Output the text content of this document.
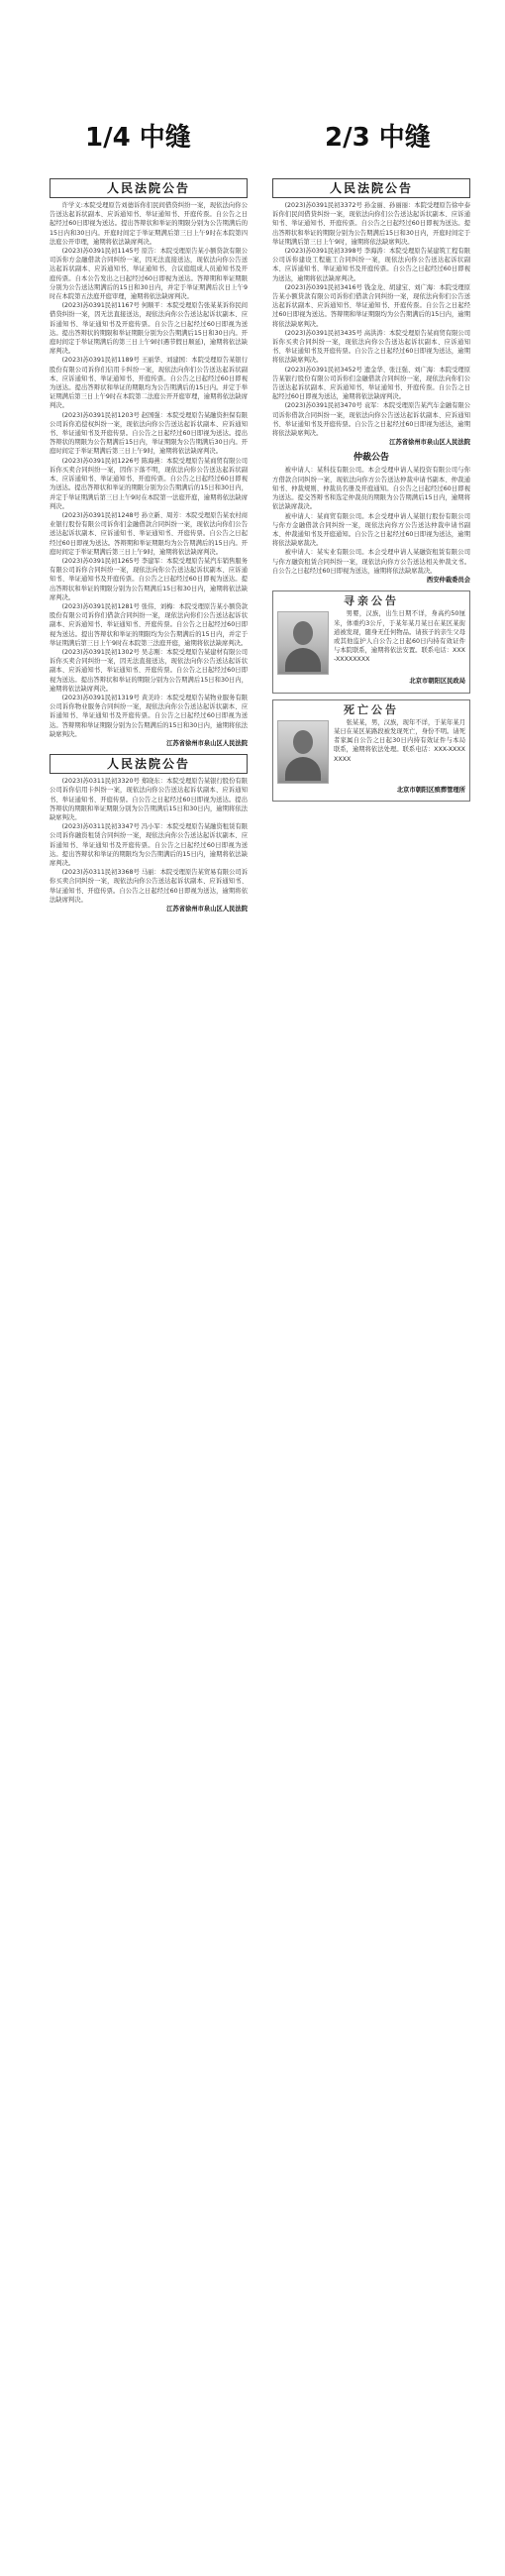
1/4 中缝	2/3 中缝
人民法院公告

许学义:本院受理原告刘德诉你们民间借贷纠纷一案，现依法向你公告送达起诉状副本、应诉通知书、举证通知书、开庭传票。自公告之日起经过60日即视为送达。提出答辩状和举证的期限分别为公告期满后的15日内和30日内。开庭时间定于举证期满后第三日上午9时在本院第四法庭公开审理，逾期将依法缺席判决。

(2023)苏0391民初1145号 原告：本院受理原告某小额贷款有限公司诉你方金融借款合同纠纷一案，因无法直接送达，现依法向你公告送达起诉状副本、应诉通知书、举证通知书、合议庭组成人员通知书及开庭传票。自本公告发出之日起经过60日即视为送达。答辩期和举证期限分别为公告送达期满后的15日和30日内，并定于举证期满后次日上午9时在本院第五法庭开庭审理，逾期将依法缺席判决。

(2023)苏0391民初1167号 何顺平：本院受理原告张某某诉你民间借贷纠纷一案，因无法直接送达，现依法向你公告送达起诉状副本、应诉通知书、举证通知书及开庭传票。自公告之日起经过60日即视为送达。提出答辩状的期限和举证期限分别为公告期满后15日和30日内。开庭时间定于举证期满后的第三日上午9时(遇节假日顺延)，逾期将依法缺席判决。

(2023)苏0391民初1189号 王丽华、刘建国：本院受理原告某银行股份有限公司诉你们信用卡纠纷一案，现依法向你们公告送达起诉状副本、应诉通知书、举证通知书、开庭传票。自公告之日起经过60日即视为送达。提出答辩状和举证的期限均为公告期满后的15日内。并定于举证期满后第三日上午9时在本院第二法庭公开开庭审理，逾期将依法缺席判决。

(2023)苏0391民初1203号 赵国强：本院受理原告某融资担保有限公司诉你追偿权纠纷一案，现依法向你公告送达起诉状副本、应诉通知书、举证通知书及开庭传票。自公告之日起经过60日即视为送达。提出答辩状的期限为公告期满后15日内，举证期限为公告期满后30日内。开庭时间定于举证期满后第三日上午9时，逾期将依法缺席判决。

(2023)苏0391民初1226号 陈海燕：本院受理原告某商贸有限公司诉你买卖合同纠纷一案，因你下落不明，现依法向你公告送达起诉状副本、应诉通知书、举证通知书、开庭传票。自公告之日起经过60日即视为送达。提出答辩状和举证的期限分别为公告期满后的15日和30日内，并定于举证期满后第三日上午9时在本院第一法庭开庭，逾期将依法缺席判决。

(2023)苏0391民初1248号 孙立新、周芳：本院受理原告某农村商业银行股份有限公司诉你们金融借款合同纠纷一案，现依法向你们公告送达起诉状副本、应诉通知书、举证通知书、开庭传票。自公告之日起经过60日即视为送达。答辩期和举证期限均为公告期满后的15日内。开庭时间定于举证期满后第三日上午9时，逾期将依法缺席判决。

(2023)苏0391民初1265号 李建军：本院受理原告某汽车销售服务有限公司诉你合同纠纷一案，现依法向你公告送达起诉状副本、应诉通知书、举证通知书及开庭传票。自公告之日起经过60日即视为送达。提出答辩状和举证的期限分别为公告期满后15日和30日内，逾期将依法缺席判决。

(2023)苏0391民初1281号 张伟、刘梅：本院受理原告某小额贷款股份有限公司诉你们借款合同纠纷一案，现依法向你们公告送达起诉状副本、应诉通知书、举证通知书、开庭传票。自公告之日起经过60日即视为送达。提出答辩状和举证的期限均为公告期满后的15日内，并定于举证期满后第三日上午9时在本院第三法庭开庭，逾期将依法缺席判决。

(2023)苏0391民初1302号 吴志刚：本院受理原告某建材有限公司诉你买卖合同纠纷一案，因无法直接送达，现依法向你公告送达起诉状副本、应诉通知书、举证通知书、开庭传票。自公告之日起经过60日即视为送达。提出答辩状和举证的期限分别为公告期满后15日和30日内，逾期将依法缺席判决。

(2023)苏0391民初1319号 黄美玲：本院受理原告某物业服务有限公司诉你物业服务合同纠纷一案，现依法向你公告送达起诉状副本、应诉通知书、举证通知书及开庭传票。自公告之日起经过60日即视为送达。答辩期和举证期限分别为公告期满后的15日和30日内，逾期将依法缺席判决。

江苏省徐州市泉山区人民法院

人民法院公告

(2023)苏0311民初3320号 郑晓东：本院受理原告某银行股份有限公司诉你信用卡纠纷一案，现依法向你公告送达起诉状副本、应诉通知书、举证通知书、开庭传票。自公告之日起经过60日即视为送达。提出答辩状的期限和举证期限分别为公告期满后15日和30日内，逾期将依法缺席判决。

(2023)苏0311民初3347号 冯小军：本院受理原告某融资租赁有限公司诉你融资租赁合同纠纷一案，现依法向你公告送达起诉状副本、应诉通知书、举证通知书及开庭传票。自公告之日起经过60日即视为送达。提出答辩状和举证的期限均为公告期满后的15日内，逾期将依法缺席判决。

(2023)苏0311民初3368号 马丽：本院受理原告某贸易有限公司诉你买卖合同纠纷一案，现依法向你公告送达起诉状副本、应诉通知书、举证通知书、开庭传票。自公告之日起经过60日即视为送达，逾期将依法缺席判决。

江苏省徐州市泉山区人民法院

人民法院公告

(2023)苏0391民初3372号 孙金丽、孙丽丽：本院受理原告徐中泰诉你们民间借贷纠纷一案，现依法向你们公告送达起诉状副本、应诉通知书、举证通知书、开庭传票。自公告之日起经过60日即视为送达。提出答辩状和举证的期限分别为公告期满后15日和30日内，开庭时间定于举证期满后第三日上午9时，逾期将依法缺席判决。

(2023)苏0391民初3398号 李海涛：本院受理原告某建筑工程有限公司诉你建设工程施工合同纠纷一案，现依法向你公告送达起诉状副本、应诉通知书、举证通知书及开庭传票。自公告之日起经过60日即视为送达，逾期将依法缺席判决。

(2023)苏0391民初3416号 钱金龙、胡建宝、刘广海：本院受理原告某小额贷款有限公司诉你们借款合同纠纷一案，现依法向你们公告送达起诉状副本、应诉通知书、举证通知书、开庭传票。自公告之日起经过60日即视为送达。答辩期和举证期限均为公告期满后的15日内，逾期将依法缺席判决。

(2023)苏0391民初3435号 高洪涛：本院受理原告某商贸有限公司诉你买卖合同纠纷一案，现依法向你公告送达起诉状副本、应诉通知书、举证通知书及开庭传票。自公告之日起经过60日即视为送达，逾期将依法缺席判决。

(2023)苏0391民初3452号 遗金华、张汪强、刘广海：本院受理原告某银行股份有限公司诉你们金融借款合同纠纷一案，现依法向你们公告送达起诉状副本、应诉通知书、举证通知书、开庭传票。自公告之日起经过60日即视为送达，逾期将依法缺席判决。

(2023)苏0391民初3470号 袁军：本院受理原告某汽车金融有限公司诉你借款合同纠纷一案，现依法向你公告送达起诉状副本、应诉通知书、举证通知书及开庭传票。自公告之日起经过60日即视为送达，逾期将依法缺席判决。

江苏省徐州市泉山区人民法院

仲裁公告

被申请人：某科技有限公司。本会受理申请人某投资有限公司与你方借款合同纠纷一案，现依法向你方公告送达仲裁申请书副本、仲裁通知书、仲裁规则、仲裁员名册及开庭通知。自公告之日起经过60日即视为送达。提交答辩书和选定仲裁员的期限为公告期满后15日内，逾期将依法缺席裁决。

被申请人：某商贸有限公司。本会受理申请人某银行股份有限公司与你方金融借款合同纠纷一案，现依法向你方公告送达仲裁申请书副本、仲裁通知书及开庭通知。自公告之日起经过60日即视为送达，逾期将依法缺席裁决。

被申请人：某实业有限公司。本会受理申请人某融资租赁有限公司与你方融资租赁合同纠纷一案，现依法向你方公告送达相关仲裁文书。自公告之日起经过60日即视为送达，逾期将依法缺席裁决。

西安仲裁委员会

寻亲公告

男婴，汉族，出生日期不详，身高约50厘米，体重约3公斤，于某年某月某日在某区某街道被发现，随身无任何物品。请孩子的亲生父母或其他监护人自公告之日起60日内持有效证件与本院联系，逾期将依法安置。联系电话：XXX-XXXXXXXX

北京市朝阳区民政局

死亡公告

张某某，男，汉族，现年不详，于某年某月某日在某区某路段被发现死亡，身份不明。请死者家属自公告之日起30日内持有效证件与本局联系，逾期将依法处理。联系电话：XXX-XXXXXXXX

北京市朝阳区殡葬管理所
